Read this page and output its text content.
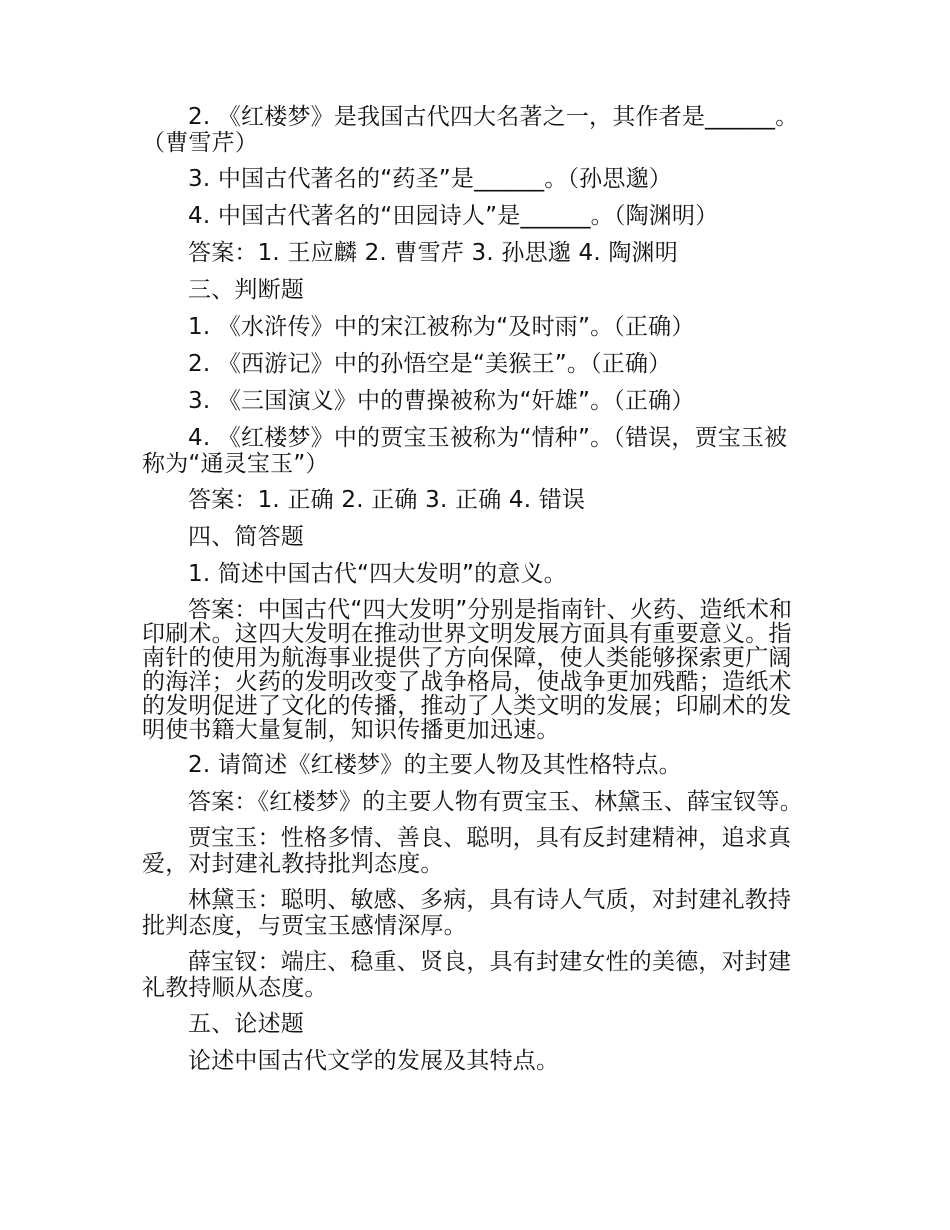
2. 《红楼梦》是我国古代四大名著之一，其作者是______。（曹雪芹）

3. 中国古代著名的“药圣”是______。（孙思邈）

4. 中国古代著名的“田园诗人”是______。（陶渊明）

答案：1. 王应麟 2. 曹雪芹 3. 孙思邈 4. 陶渊明

三、判断题

1. 《水浒传》中的宋江被称为“及时雨”。（正确）

2. 《西游记》中的孙悟空是“美猴王”。（正确）

3. 《三国演义》中的曹操被称为“奸雄”。（正确）

4. 《红楼梦》中的贾宝玉被称为“情种”。（错误，贾宝玉被称为“通灵宝玉”）

答案：1. 正确 2. 正确 3. 正确 4. 错误

四、简答题

1. 简述中国古代“四大发明”的意义。

答案：中国古代“四大发明”分别是指南针、火药、造纸术和印刷术。这四大发明在推动世界文明发展方面具有重要意义。指南针的使用为航海事业提供了方向保障，使人类能够探索更广阔的海洋；火药的发明改变了战争格局，使战争更加残酷；造纸术的发明促进了文化的传播，推动了人类文明的发展；印刷术的发明使书籍大量复制，知识传播更加迅速。

2. 请简述《红楼梦》的主要人物及其性格特点。

答案：《红楼梦》的主要人物有贾宝玉、林黛玉、薛宝钗等。

贾宝玉：性格多情、善良、聪明，具有反封建精神，追求真爱，对封建礼教持批判态度。

林黛玉：聪明、敏感、多病，具有诗人气质，对封建礼教持批判态度，与贾宝玉感情深厚。

薛宝钗：端庄、稳重、贤良，具有封建女性的美德，对封建礼教持顺从态度。

五、论述题

论述中国古代文学的发展及其特点。
